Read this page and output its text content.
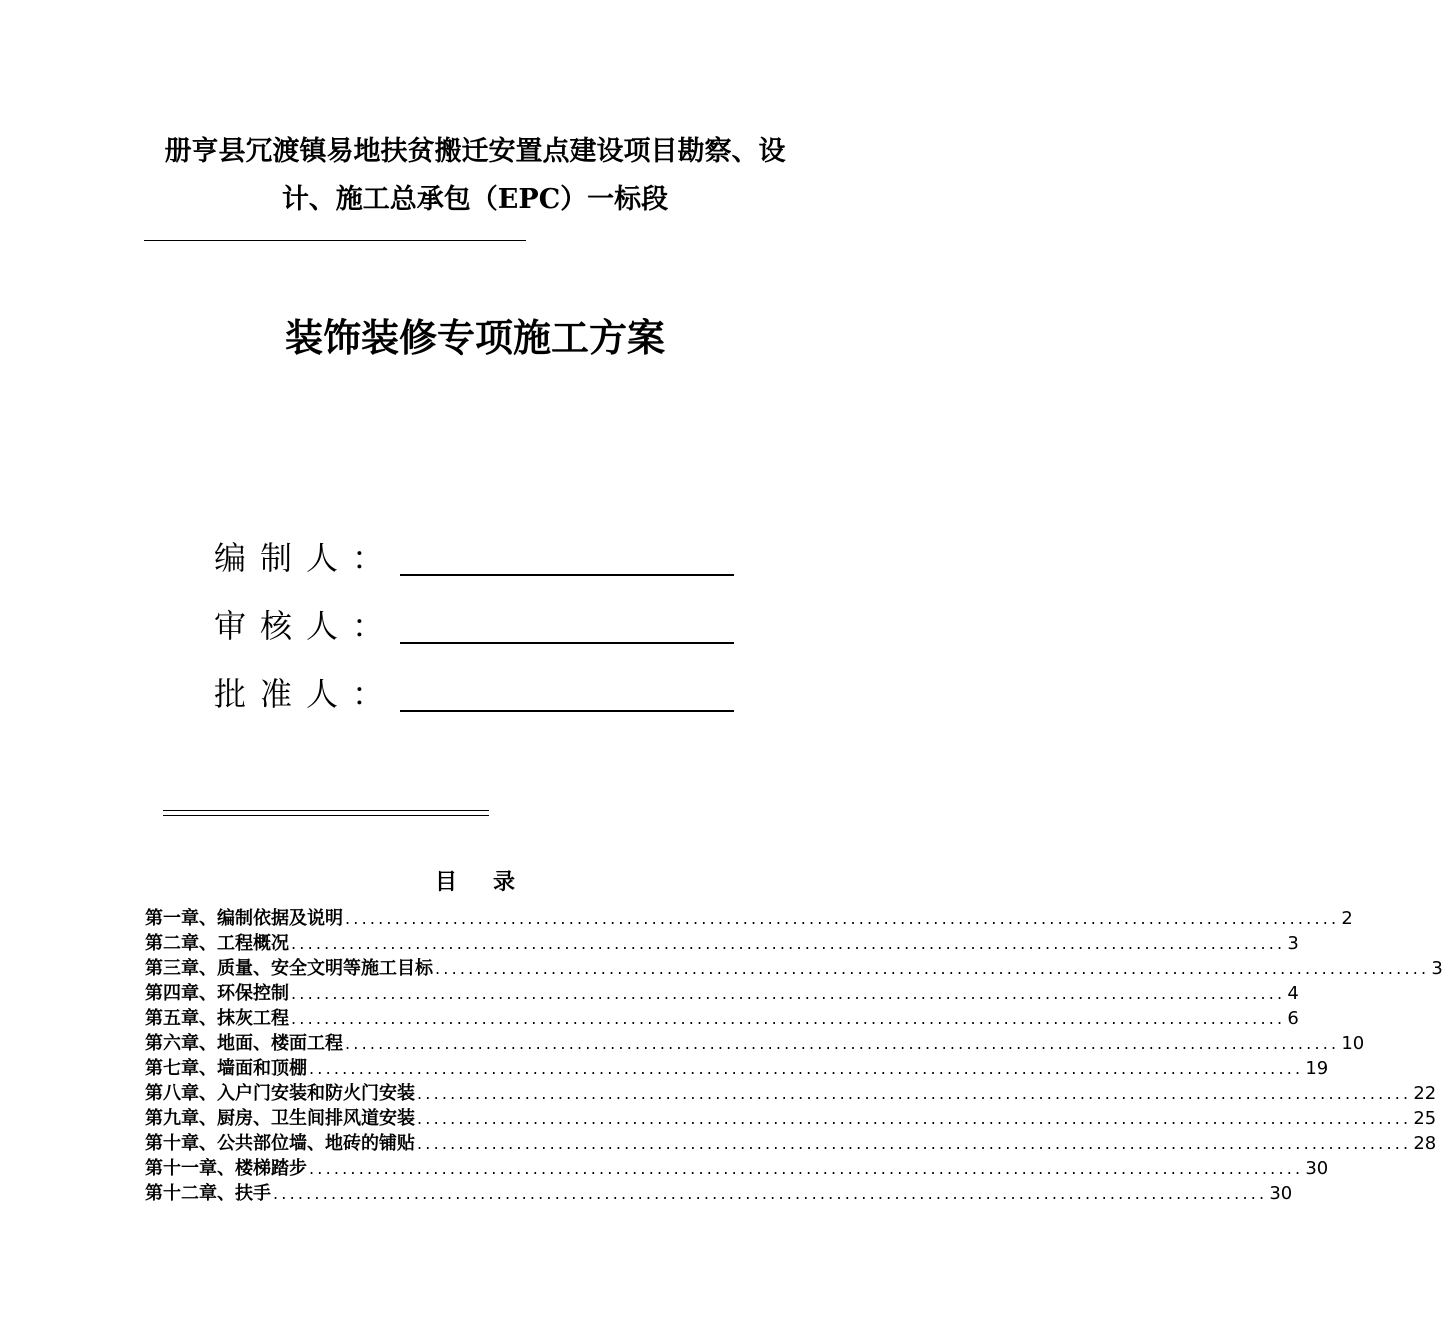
册亨县冗渡镇易地扶贫搬迁安置点建设项目勘察、设
计、施工总承包（EPC）一标段
装饰装修专项施工方案
编制人：
审核人：
批准人：
目录
第一章、编制依据及说明 ........................................................................................................................ 2
第二章、工程概况 ........................................................................................................................ 3
第三章、质量、安全文明等施工目标 ........................................................................................................................ 3
第四章、环保控制 ........................................................................................................................ 4
第五章、抹灰工程 ........................................................................................................................ 6
第六章、地面、楼面工程 ........................................................................................................................ 10
第七章、墙面和顶棚 ........................................................................................................................ 19
第八章、入户门安装和防火门安装 ........................................................................................................................ 22
第九章、厨房、卫生间排风道安装 ........................................................................................................................ 25
第十章、公共部位墙、地砖的铺贴 ........................................................................................................................ 28
第十一章、楼梯踏步 ........................................................................................................................ 30
第十二章、扶手 ........................................................................................................................ 30
